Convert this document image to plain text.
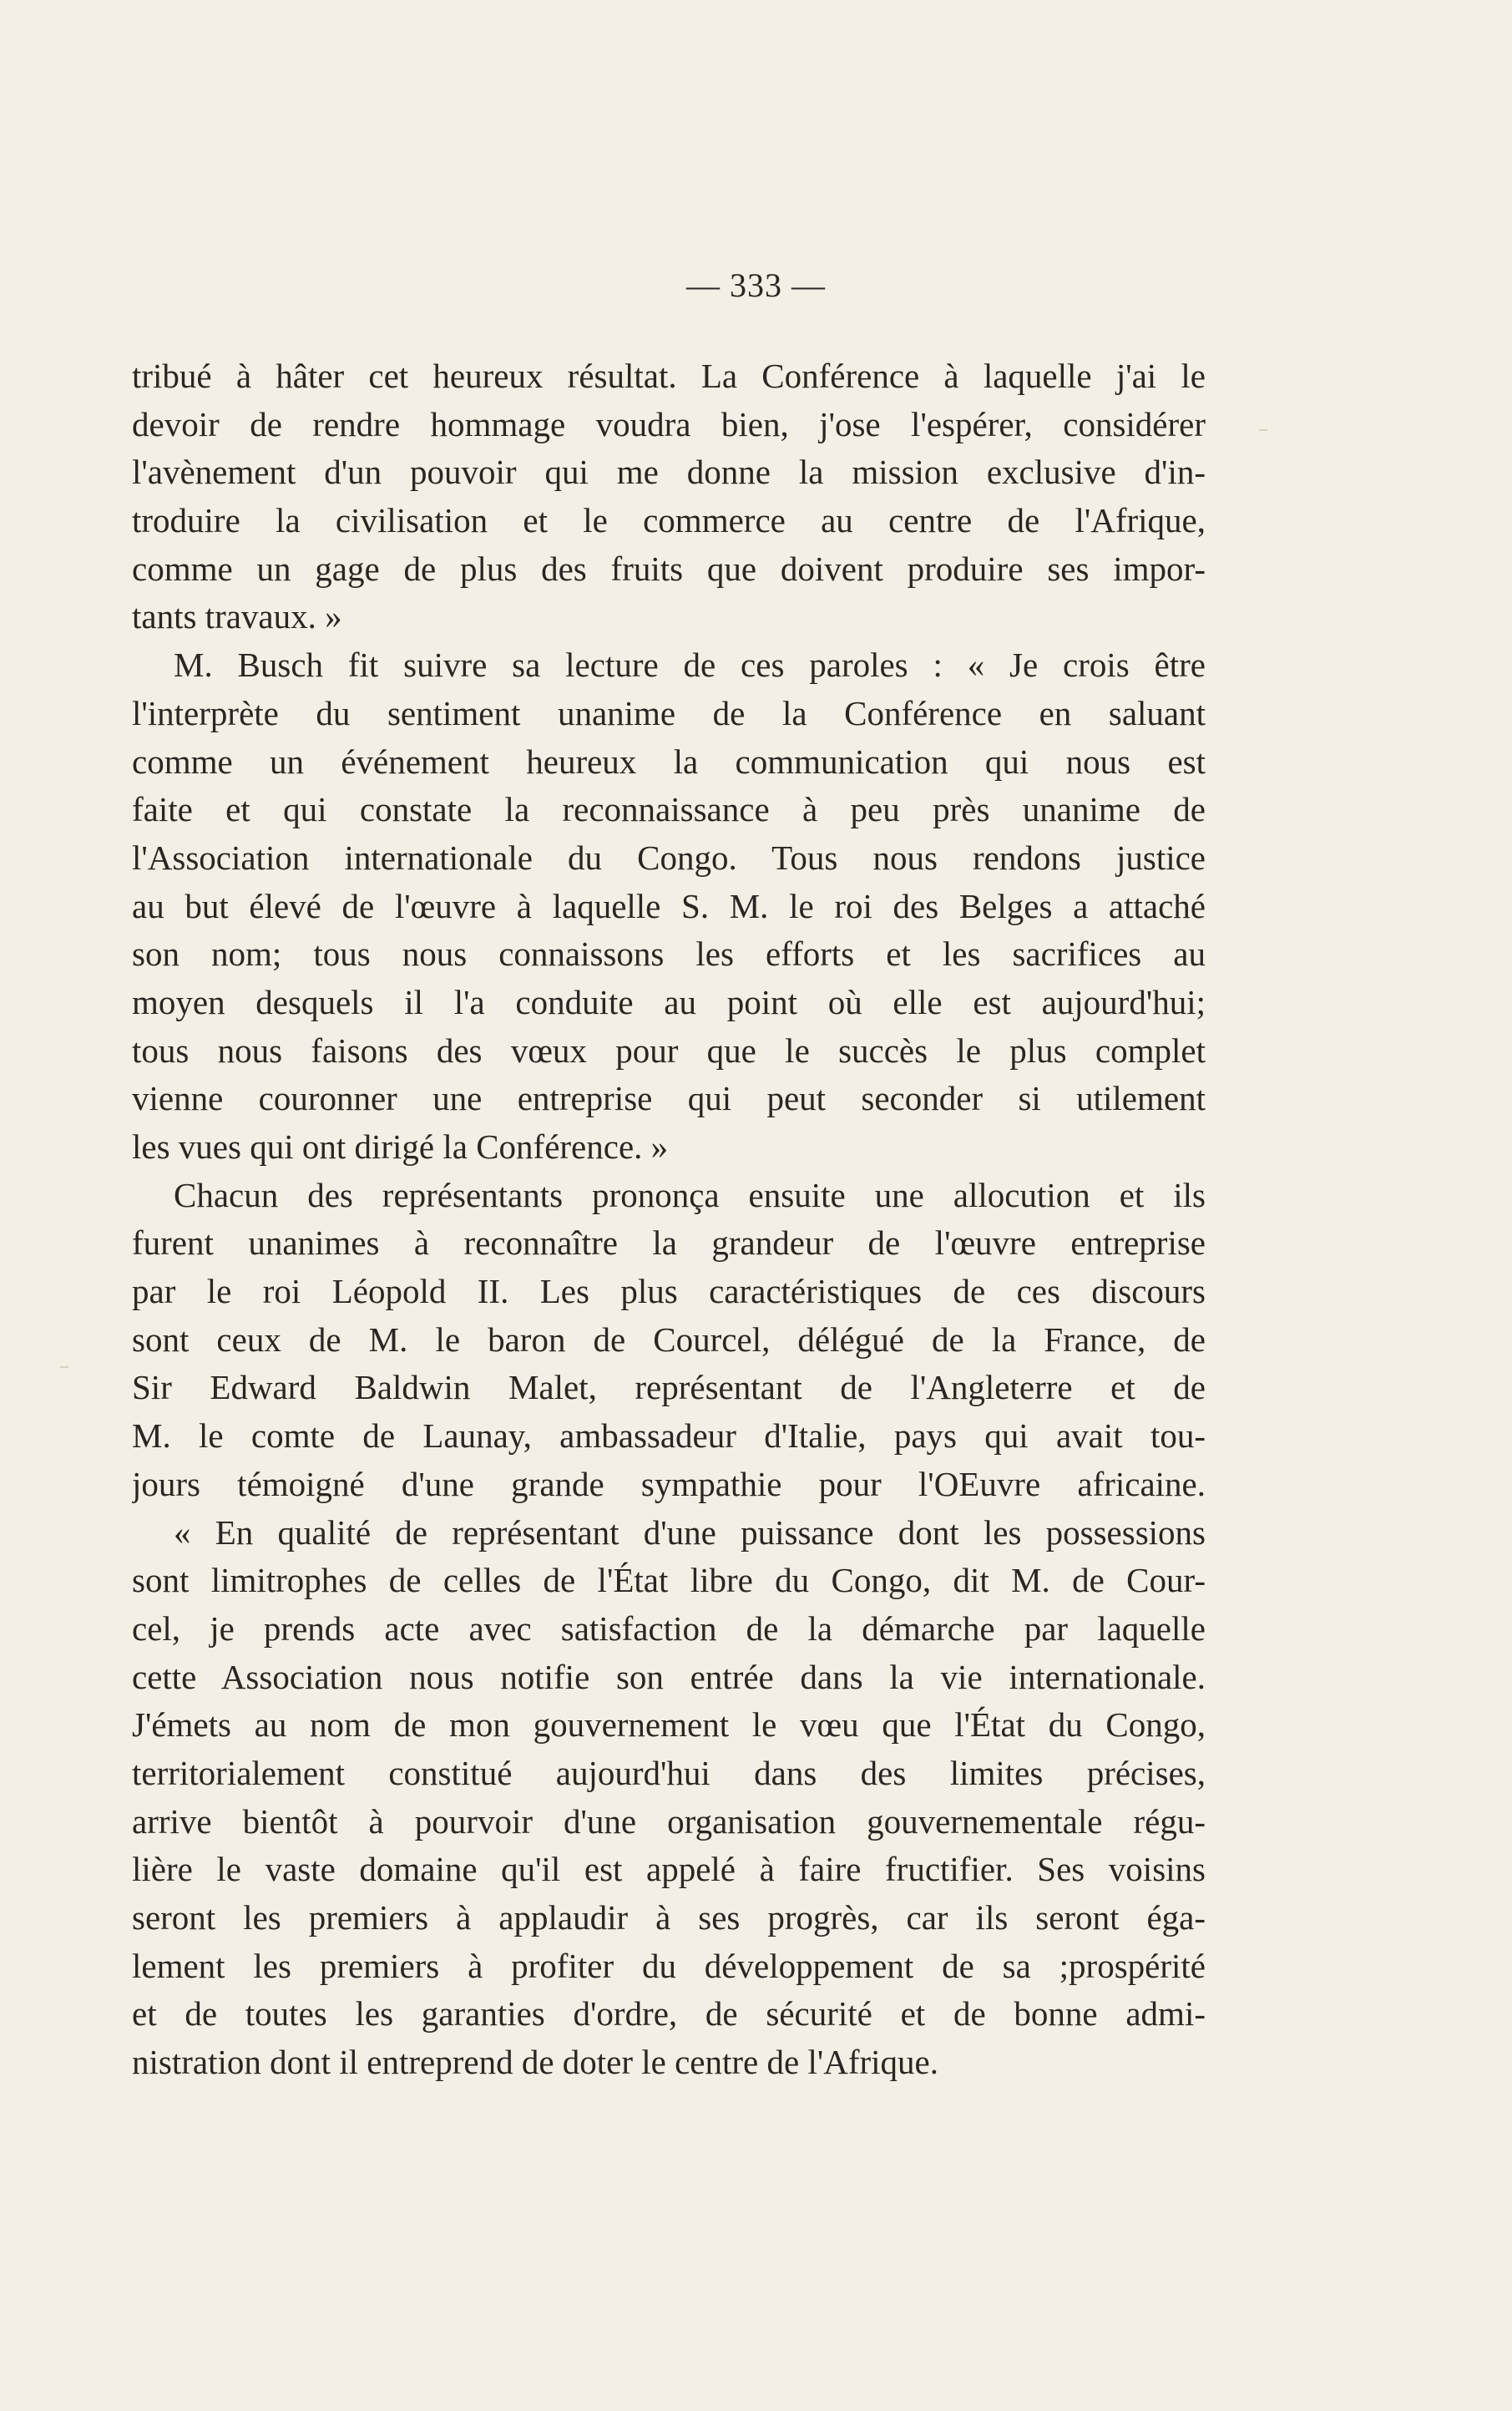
— 333 —
tribué à hâter cet heureux résultat. La Conférence à laquelle j'ai le
devoir de rendre hommage voudra bien, j'ose l'espérer, considérer
l'avènement d'un pouvoir qui me donne la mission exclusive d'in-
troduire la civilisation et le commerce au centre de l'Afrique,
comme un gage de plus des fruits que doivent produire ses impor-
tants travaux. »
M. Busch fit suivre sa lecture de ces paroles : « Je crois être
l'interprète du sentiment unanime de la Conférence en saluant
comme un événement heureux la communication qui nous est
faite et qui constate la reconnaissance à peu près unanime de
l'Association internationale du Congo. Tous nous rendons justice
au but élevé de l'œuvre à laquelle S. M. le roi des Belges a attaché
son nom; tous nous connaissons les efforts et les sacrifices au
moyen desquels il l'a conduite au point où elle est aujourd'hui;
tous nous faisons des vœux pour que le succès le plus complet
vienne couronner une entreprise qui peut seconder si utilement
les vues qui ont dirigé la Conférence. »
Chacun des représentants prononça ensuite une allocution et ils
furent unanimes à reconnaître la grandeur de l'œuvre entreprise
par le roi Léopold II. Les plus caractéristiques de ces discours
sont ceux de M. le baron de Courcel, délégué de la France, de
Sir Edward Baldwin Malet, représentant de l'Angleterre et de
M. le comte de Launay, ambassadeur d'Italie, pays qui avait tou-
jours témoigné d'une grande sympathie pour l'OEuvre africaine.
« En qualité de représentant d'une puissance dont les possessions
sont limitrophes de celles de l'État libre du Congo, dit M. de Cour-
cel, je prends acte avec satisfaction de la démarche par laquelle
cette Association nous notifie son entrée dans la vie internationale.
J'émets au nom de mon gouvernement le vœu que l'État du Congo,
territorialement constitué aujourd'hui dans des limites précises,
arrive bientôt à pourvoir d'une organisation gouvernementale régu-
lière le vaste domaine qu'il est appelé à faire fructifier. Ses voisins
seront les premiers à applaudir à ses progrès, car ils seront éga-
lement les premiers à profiter du développement de sa ;prospérité
et de toutes les garanties d'ordre, de sécurité et de bonne admi-
nistration dont il entreprend de doter le centre de l'Afrique.
